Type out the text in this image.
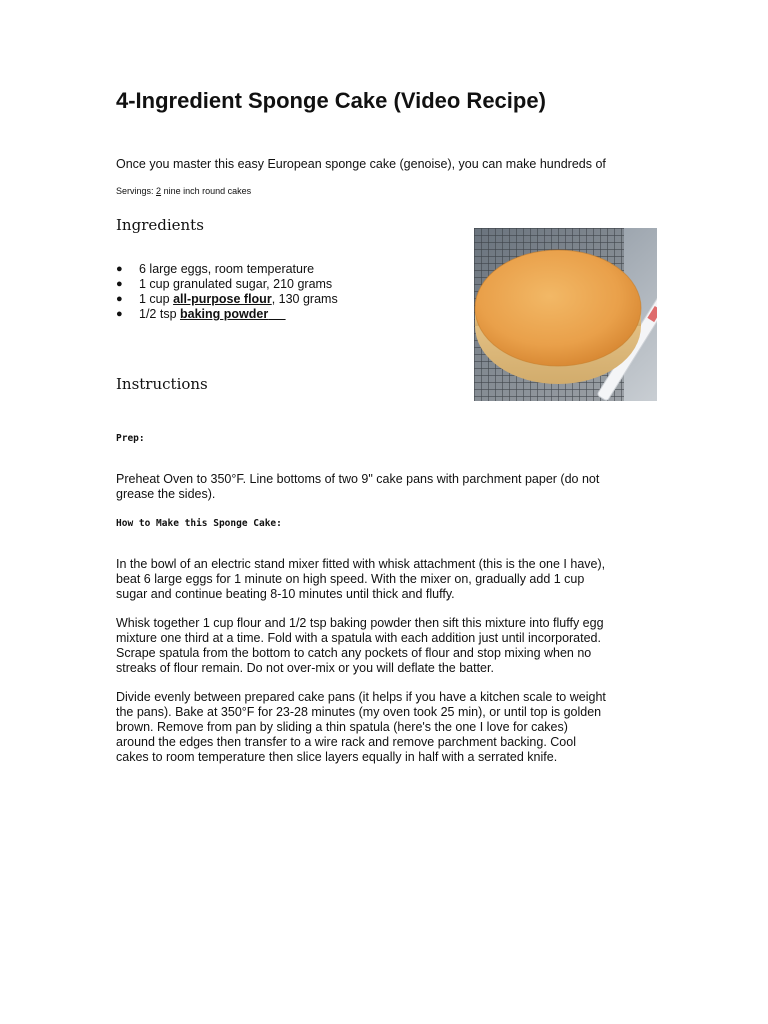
4-Ingredient Sponge Cake (Video Recipe)
Once you master this easy European sponge cake (genoise), you can make hundreds of
Servings: 2 nine inch round cakes
Ingredients
● 6 large eggs, room temperature
● 1 cup granulated sugar, 210 grams
● 1 cup all-purpose flour, 130 grams
● 1/2 tsp baking powder
Instructions
Prep:
Preheat Oven to 350°F. Line bottoms of two 9" cake pans with parchment paper (do not
grease the sides).
How to Make this Sponge Cake:
In the bowl of an electric stand mixer fitted with whisk attachment (this is the one I have),
beat 6 large eggs for 1 minute on high speed. With the mixer on, gradually add 1 cup
sugar and continue beating 8-10 minutes until thick and fluffy.
Whisk together 1 cup flour and 1/2 tsp baking powder then sift this mixture into fluffy egg
mixture one third at a time. Fold with a spatula with each addition just until incorporated.
Scrape spatula from the bottom to catch any pockets of flour and stop mixing when no
streaks of flour remain. Do not over-mix or you will deflate the batter.
Divide evenly between prepared cake pans (it helps if you have a kitchen scale to weight
the pans). Bake at 350°F for 23-28 minutes (my oven took 25 min), or until top is golden
brown. Remove from pan by sliding a thin spatula (here's the one I love for cakes)
around the edges then transfer to a wire rack and remove parchment backing. Cool
cakes to room temperature then slice layers equally in half with a serrated knife.
